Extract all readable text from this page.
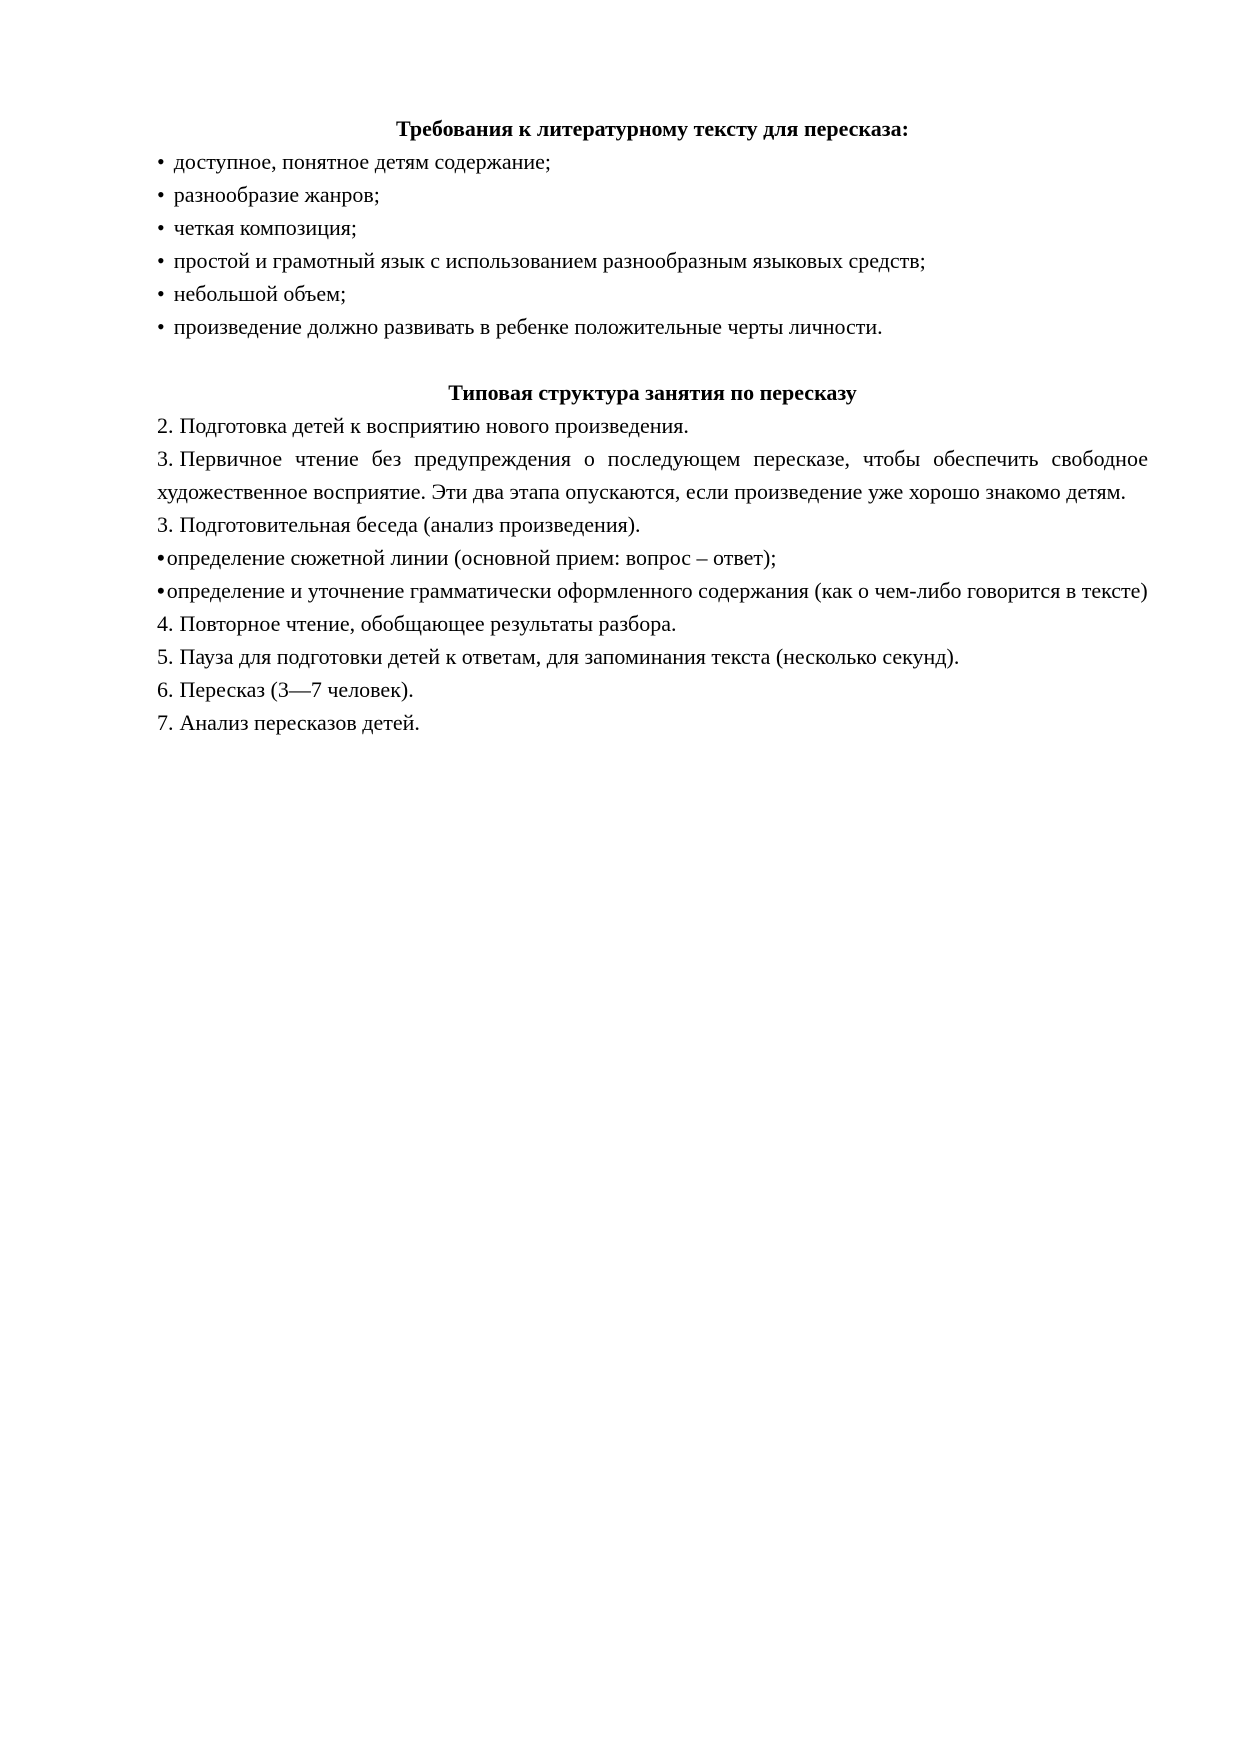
Требования к литературному тексту для пересказа:

• доступное, понятное детям содержание;

• разнообразие жанров;

• четкая композиция;

• простой и грамотный язык с использованием разнообразным языковых средств;

• небольшой объем;

• произведение должно развивать в ребенке положительные черты личности.

Типовая структура занятия по пересказу

2. Подготовка детей к восприятию нового произведения.

3. Первичное чтение без предупреждения о последующем пересказе, чтобы обеспечить свободное художественное восприятие. Эти два этапа опускаются, если произведение уже хорошо знакомо детям.

3. Подготовительная беседа (анализ произведения).

•определение сюжетной линии (основной прием: вопрос – ответ);

•определение и уточнение грамматически оформленного содержания (как о чем-либо говорится в тексте)

4. Повторное чтение, обобщающее результаты разбора.

5. Пауза для подготовки детей к ответам, для запоминания текста (несколько секунд).

6. Пересказ (3—7 человек).

7. Анализ пересказов детей.
